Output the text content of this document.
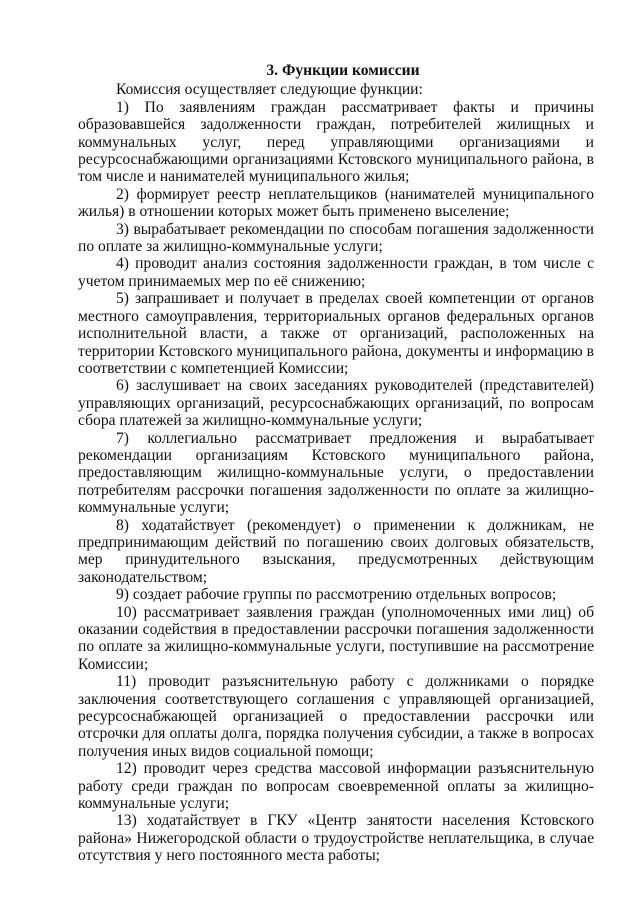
3. Функции комиссии

Комиссия осуществляет следующие функции:

1) По заявлениям граждан рассматривает факты и причины образовавшейся задолженности граждан, потребителей жилищных и коммунальных услуг, перед управляющими организациями и ресурсоснабжающими организациями Кстовского муниципального района, в том числе и нанимателей муниципального жилья;

2) формирует реестр неплательщиков (нанимателей муниципального жилья) в отношении которых может быть применено выселение;

3) вырабатывает рекомендации по способам погашения задолженности по оплате за жилищно-коммунальные услуги;

4) проводит анализ состояния задолженности граждан, в том числе с учетом принимаемых мер по её снижению;

5) запрашивает и получает в пределах своей компетенции от органов местного самоуправления, территориальных органов федеральных органов исполнительной власти, а также от организаций, расположенных на территории Кстовского муниципального района, документы и информацию в соответствии с компетенцией Комиссии;

6) заслушивает на своих заседаниях руководителей (представителей) управляющих организаций, ресурсоснабжающих организаций, по вопросам сбора платежей за жилищно-коммунальные услуги;

7) коллегиально рассматривает предложения и вырабатывает рекомендации организациям Кстовского муниципального района, предоставляющим жилищно-коммунальные услуги, о предоставлении потребителям рассрочки погашения задолженности по оплате за жилищно-коммунальные услуги;

8) ходатайствует (рекомендует) о применении к должникам, не предпринимающим действий по погашению своих долговых обязательств, мер принудительного взыскания, предусмотренных действующим законодательством;

9) создает рабочие группы по рассмотрению отдельных вопросов;

10) рассматривает заявления граждан (уполномоченных ими лиц) об оказании содействия в предоставлении рассрочки погашения задолженности по оплате за жилищно-коммунальные услуги, поступившие на рассмотрение Комиссии;

11) проводит разъяснительную работу с должниками о порядке заключения соответствующего соглашения с управляющей организацией, ресурсоснабжающей организацией о предоставлении рассрочки или отсрочки для оплаты долга, порядка получения субсидии, а также в вопросах получения иных видов социальной помощи;

12) проводит через средства массовой информации разъяснительную работу среди граждан по вопросам своевременной оплаты за жилищно-коммунальные услуги;

13) ходатайствует в ГКУ «Центр занятости населения Кстовского района» Нижегородской области о трудоустройстве неплательщика, в случае отсутствия у него постоянного места работы;
